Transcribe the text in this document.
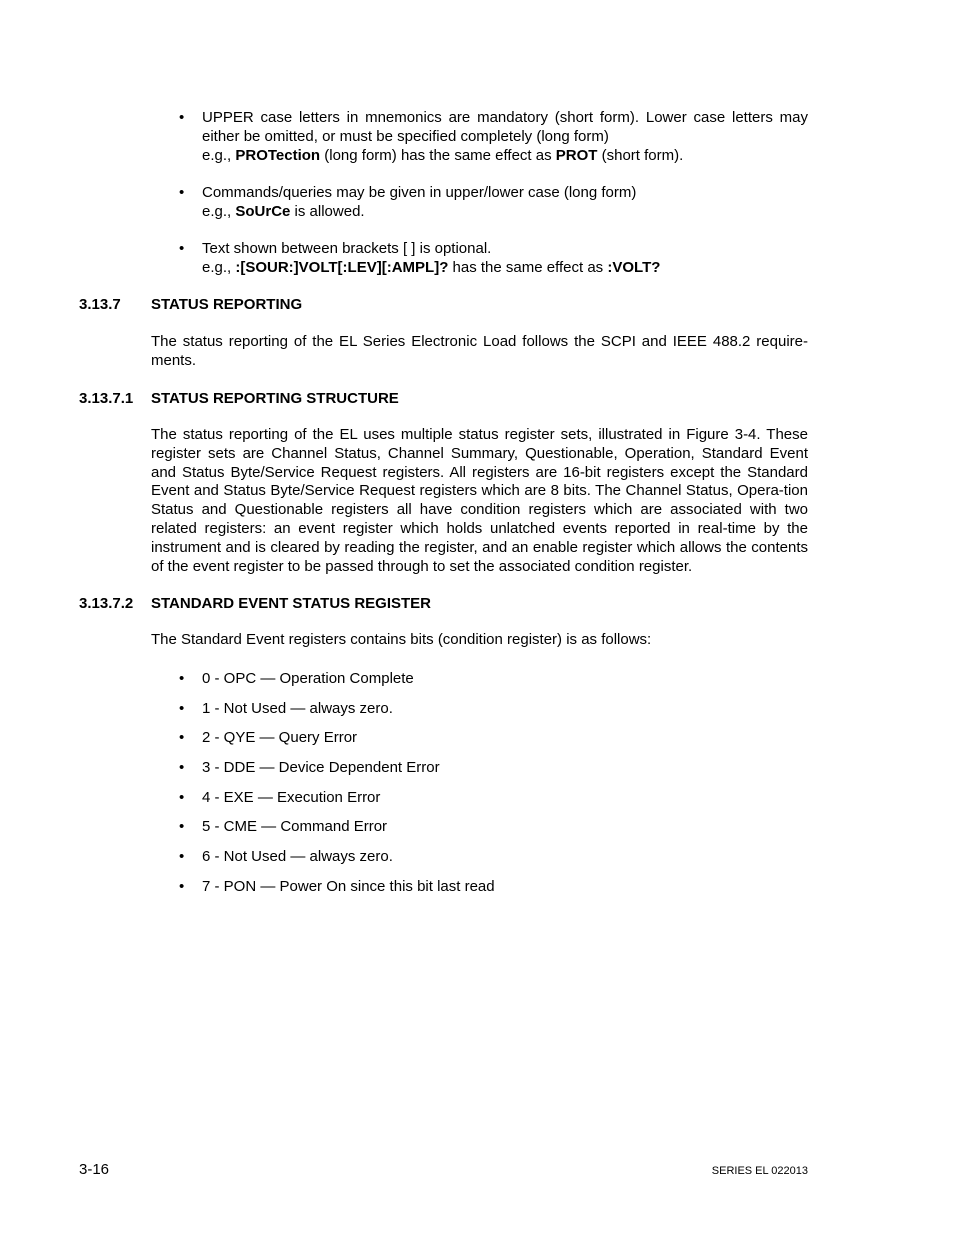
• UPPER case letters in mnemonics are mandatory (short form). Lower case letters may either be omitted, or must be specified completely (long form)
e.g., PROTection (long form) has the same effect as PROT (short form).
• Commands/queries may be given in upper/lower case (long form)
e.g., SoUrCe is allowed.
• Text shown between brackets [ ] is optional.
e.g., :[SOUR:]VOLT[:LEV][:AMPL]? has the same effect as :VOLT?
3.13.7 STATUS REPORTING
The status reporting of the EL Series Electronic Load follows the SCPI and IEEE 488.2 require-ments.
3.13.7.1 STATUS REPORTING STRUCTURE
The status reporting of the EL uses multiple status register sets, illustrated in Figure 3-4. These register sets are Channel Status, Channel Summary, Questionable, Operation, Standard Event and Status Byte/Service Request registers. All registers are 16-bit registers except the Standard Event and Status Byte/Service Request registers which are 8 bits. The Channel Status, Opera-tion Status and Questionable registers all have condition registers which are associated with two related registers: an event register which holds unlatched events reported in real-time by the instrument and is cleared by reading the register, and an enable register which allows the contents of the event register to be passed through to set the associated condition register.
3.13.7.2 STANDARD EVENT STATUS REGISTER
The Standard Event registers contains bits (condition register) is as follows:
• 0 - OPC — Operation Complete
• 1 - Not Used — always zero.
• 2 - QYE — Query Error
• 3 - DDE — Device Dependent Error
• 4 - EXE — Execution Error
• 5 - CME — Command Error
• 6 - Not Used — always zero.
• 7 - PON — Power On since this bit last read
3-16	SERIES EL 022013
